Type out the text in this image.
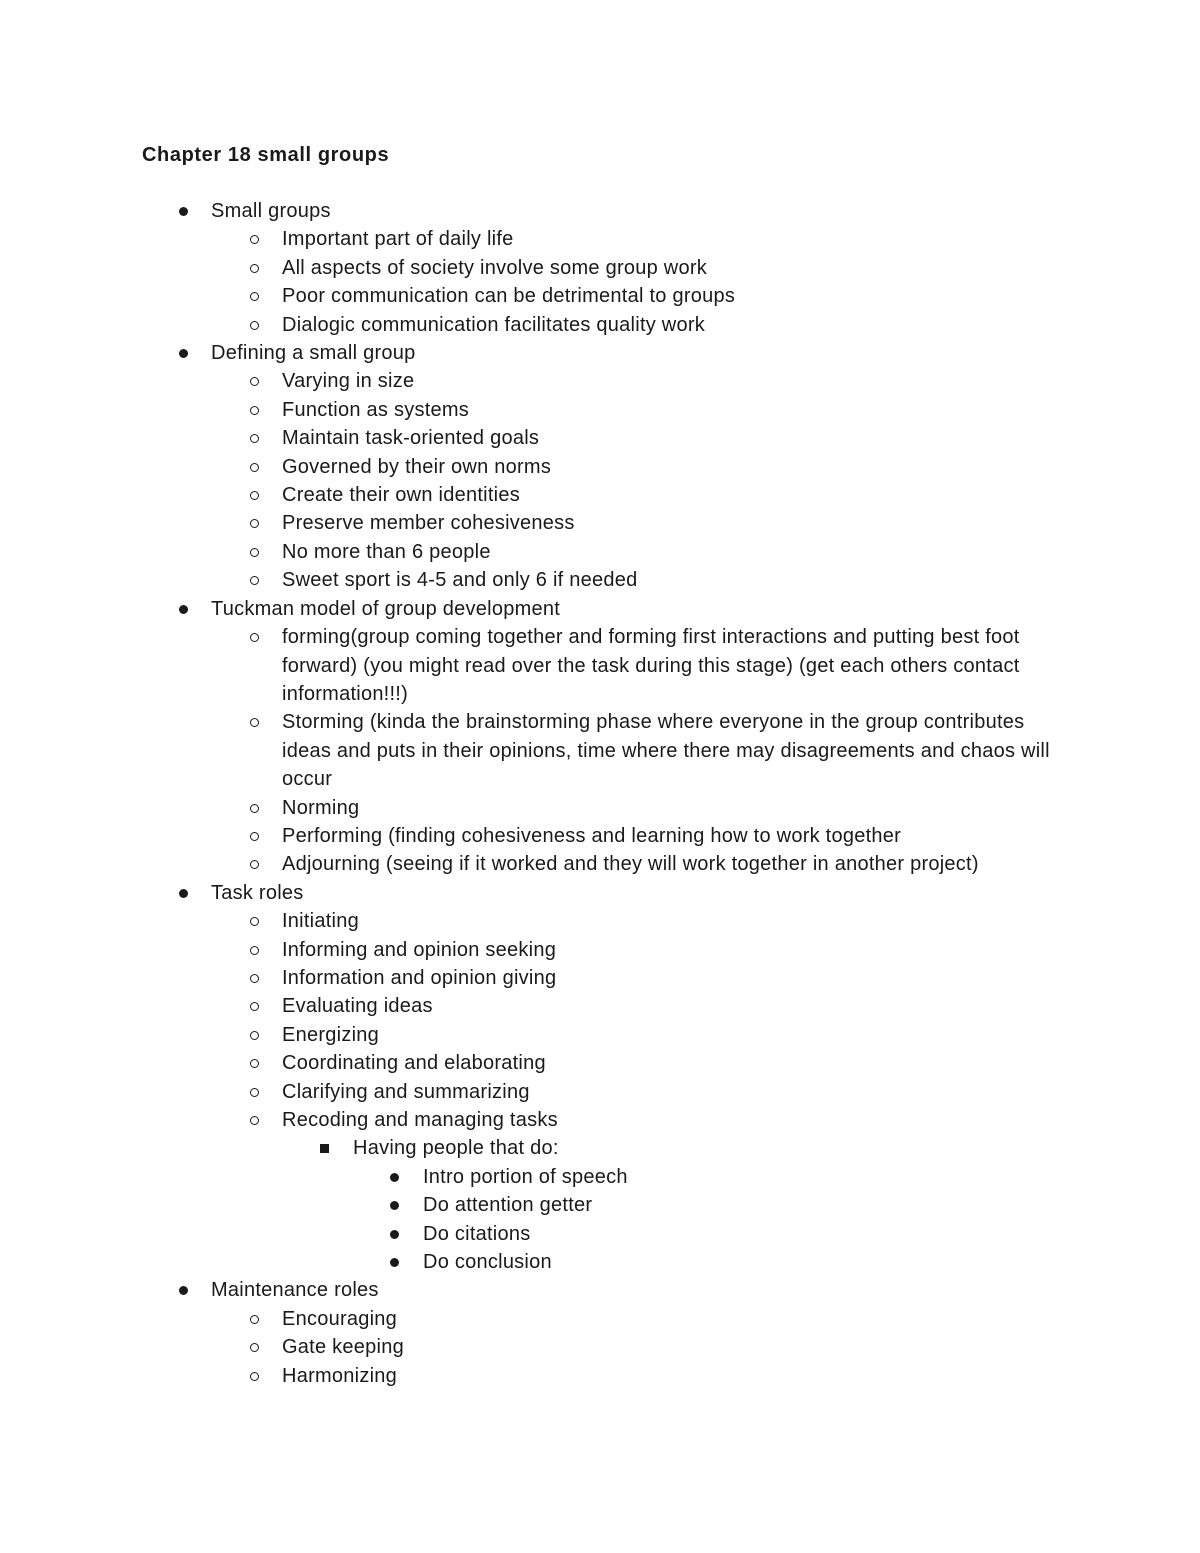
Chapter 18 small groups
Small groups
Important part of daily life
All aspects of society involve some group work
Poor communication can be detrimental to groups
Dialogic communication facilitates quality work
Defining a small group
Varying in size
Function as systems
Maintain task-oriented goals
Governed by their own norms
Create their own identities
Preserve member cohesiveness
No more than 6 people
Sweet sport is 4-5 and only 6 if needed
Tuckman model of group development
forming(group coming together and forming first interactions and putting best foot forward) (you might read over the task during this stage) (get each others contact information!!!)
Storming (kinda the brainstorming phase where everyone in the group contributes ideas and puts in their opinions, time where there may disagreements and chaos will occur
Norming
Performing (finding cohesiveness and learning how to work together
Adjourning (seeing if it worked and they will work together in another project)
Task roles
Initiating
Informing and opinion seeking
Information and opinion giving
Evaluating ideas
Energizing
Coordinating and elaborating
Clarifying and summarizing
Recoding and managing tasks
Having people that do:
Intro portion of speech
Do attention getter
Do citations
Do conclusion
Maintenance roles
Encouraging
Gate keeping
Harmonizing
